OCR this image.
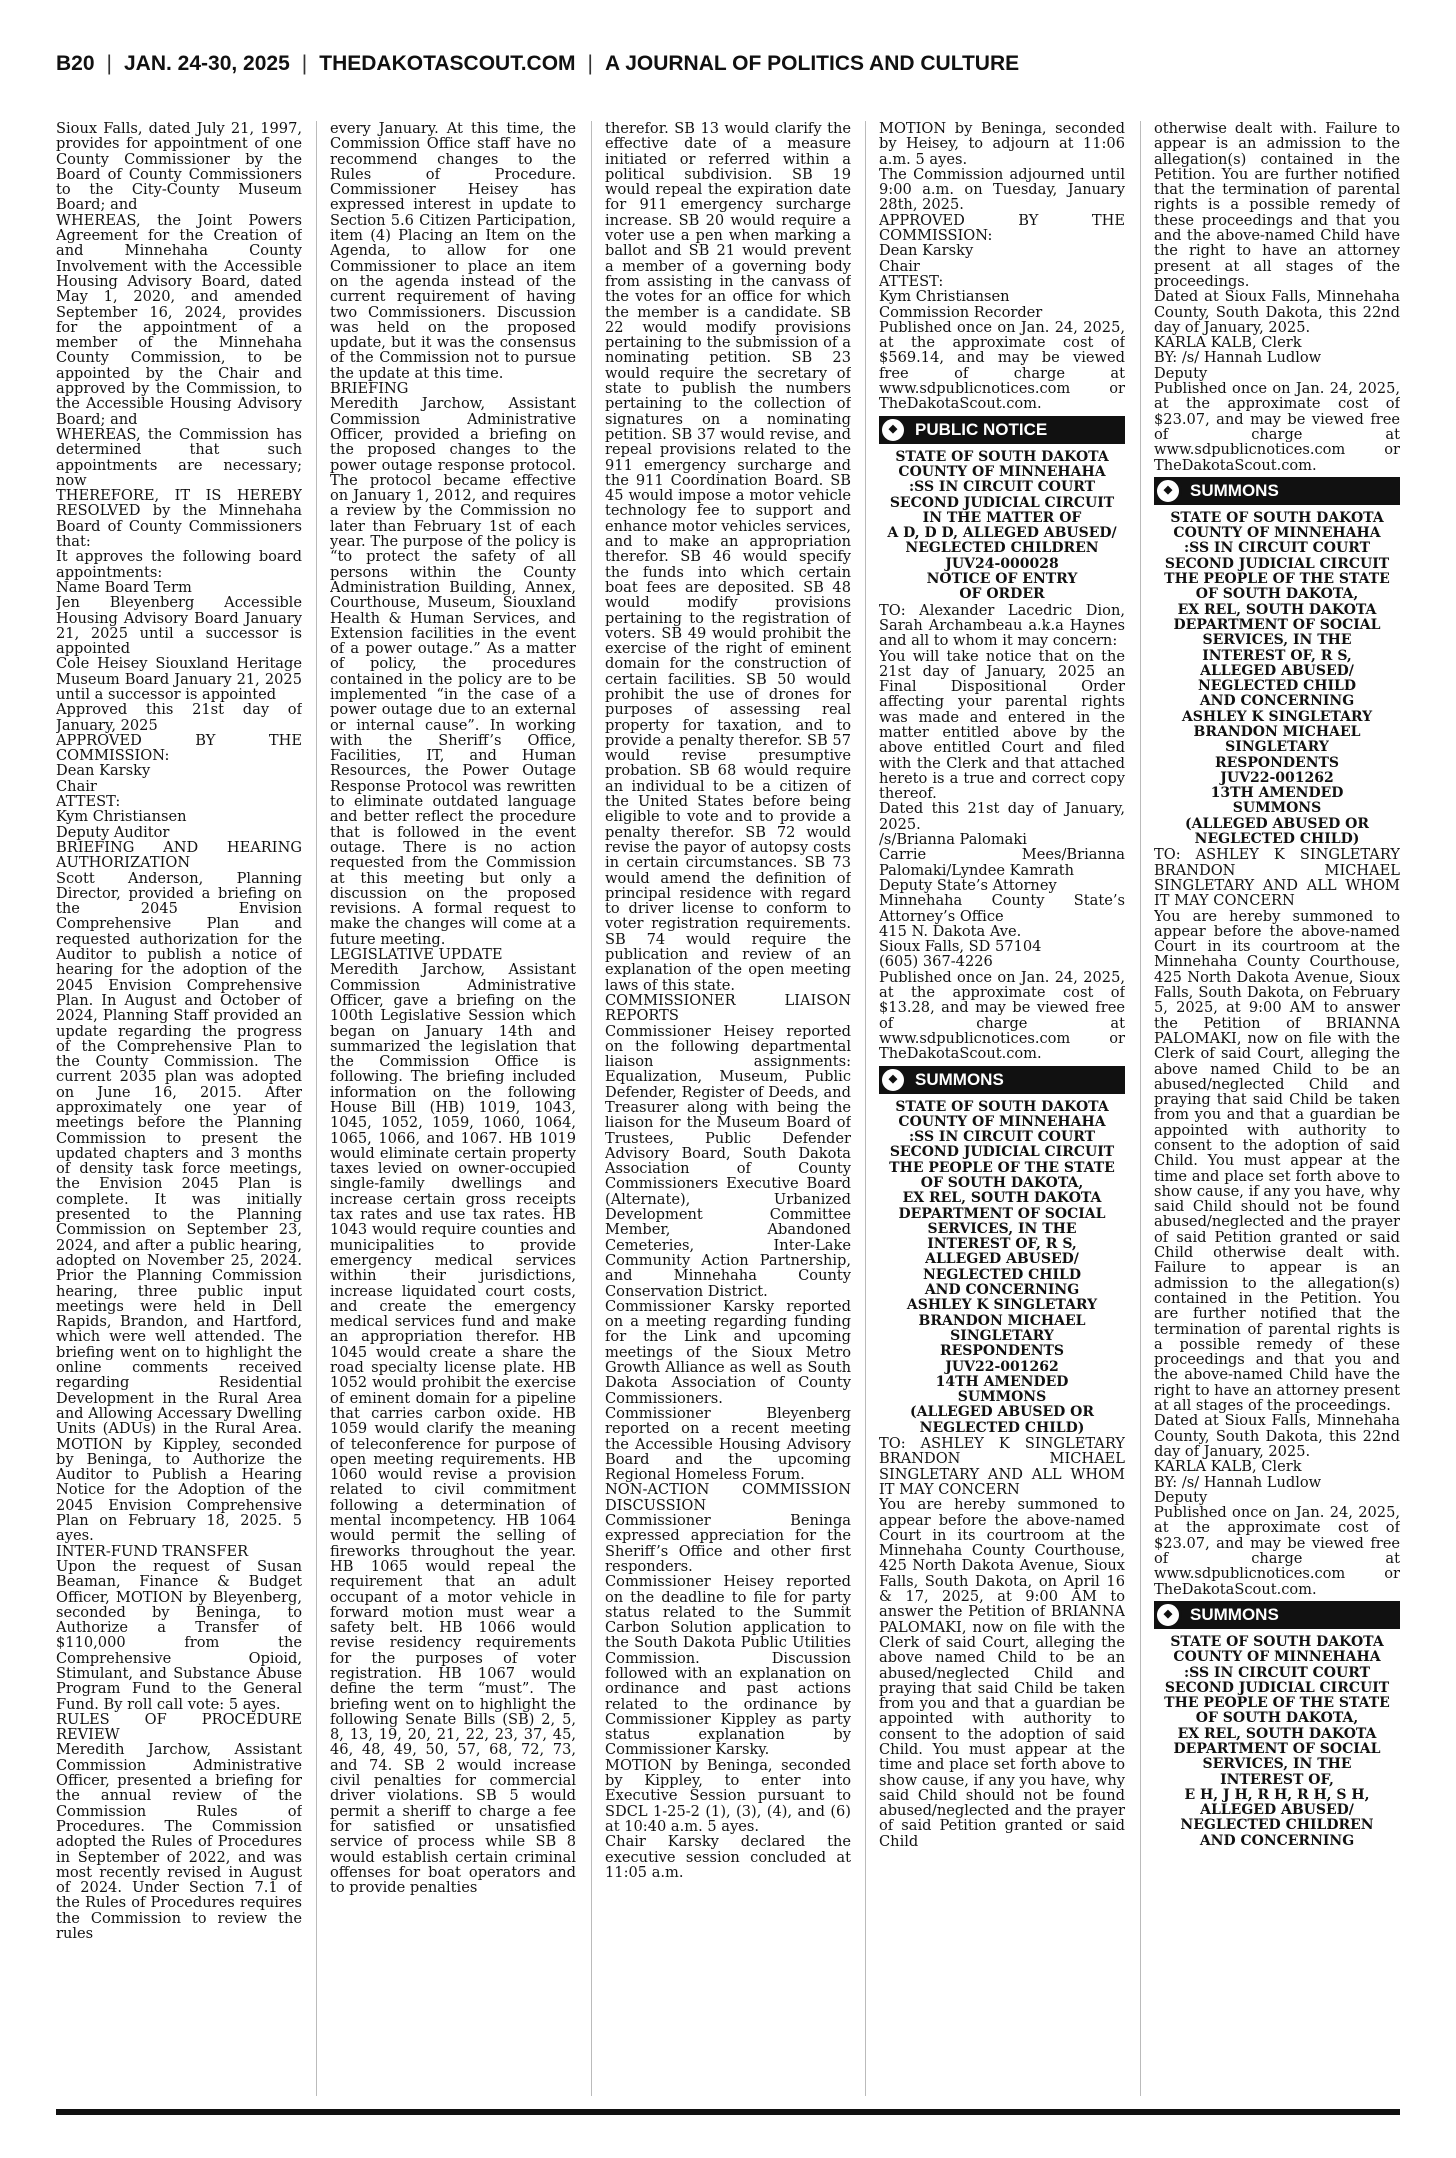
B20 | JAN. 24-30, 2025 | THEDAKOTASCOUT.COM | A JOURNAL OF POLITICS AND CULTURE

Sioux Falls, dated July 21, 1997, provides for appointment of one County Commissioner by the Board of County Commissioners to the City-County Museum Board; and

WHEREAS, the Joint Powers Agreement for the Creation of and Minnehaha County Involvement with the Accessible Housing Advisory Board, dated May 1, 2020, and amended September 16, 2024, provides for the appointment of a member of the Minnehaha County Commission, to be appointed by the Chair and approved by the Commission, to the Accessible Housing Advisory Board; and

WHEREAS, the Commission has determined that such appointments are necessary; now

THEREFORE, IT IS HEREBY RESOLVED by the Minnehaha Board of County Commissioners that:

It approves the following board appointments:

Name Board Term

Jen Bleyenberg Accessible Housing Advisory Board January 21, 2025 until a successor is appointed

Cole Heisey Siouxland Heritage Museum Board January 21, 2025 until a successor is appointed

Approved this 21st day of January, 2025

APPROVED BY THE COMMISSION:

Dean Karsky

Chair

ATTEST:

Kym Christiansen

Deputy Auditor

BRIEFING AND HEARING AUTHORIZATION

Scott Anderson, Planning Director, provided a briefing on the 2045 Envision Comprehensive Plan and requested authorization for the Auditor to publish a notice of hearing for the adoption of the 2045 Envision Comprehensive Plan. In August and October of 2024, Planning Staff provided an update regarding the progress of the Comprehensive Plan to the County Commission. The current 2035 plan was adopted on June 16, 2015. After approximately one year of meetings before the Planning Commission to present the updated chapters and 3 months of density task force meetings, the Envision 2045 Plan is complete. It was initially presented to the Planning Commission on September 23, 2024, and after a public hearing, adopted on November 25, 2024. Prior the Planning Commission hearing, three public input meetings were held in Dell Rapids, Brandon, and Hartford, which were well attended. The briefing went on to highlight the online comments received regarding Residential Development in the Rural Area and Allowing Accessary Dwelling Units (ADUs) in the Rural Area. MOTION by Kippley, seconded by Beninga, to Authorize the Auditor to Publish a Hearing Notice for the Adoption of the 2045 Envision Comprehensive Plan on February 18, 2025. 5 ayes.

INTER-FUND TRANSFER

Upon the request of Susan Beaman, Finance & Budget Officer, MOTION by Bleyenberg, seconded by Beninga, to Authorize a Transfer of $110,000 from the Comprehensive Opioid, Stimulant, and Substance Abuse Program Fund to the General Fund. By roll call vote: 5 ayes.

RULES OF PROCEDURE REVIEW

Meredith Jarchow, Assistant Commission Administrative Officer, presented a briefing for the annual review of the Commission Rules of Procedures. The Commission adopted the Rules of Procedures in September of 2022, and was most recently revised in August of 2024. Under Section 7.1 of the Rules of Procedures requires the Commission to review the rules

every January. At this time, the Commission Office staff have no recommend changes to the Rules of Procedure. Commissioner Heisey has expressed interest in update to Section 5.6 Citizen Participation, item (4) Placing an Item on the Agenda, to allow for one Commissioner to place an item on the agenda instead of the current requirement of having two Commissioners. Discussion was held on the proposed update, but it was the consensus of the Commission not to pursue the update at this time.

BRIEFING

Meredith Jarchow, Assistant Commission Administrative Officer, provided a briefing on the proposed changes to the power outage response protocol. The protocol became effective on January 1, 2012, and requires a review by the Commission no later than February 1st of each year. The purpose of the policy is “to protect the safety of all persons within the County Administration Building, Annex, Courthouse, Museum, Siouxland Health & Human Services, and Extension facilities in the event of a power outage.” As a matter of policy, the procedures contained in the policy are to be implemented “in the case of a power outage due to an external or internal cause”. In working with the Sheriff’s Office, Facilities, IT, and Human Resources, the Power Outage Response Protocol was rewritten to eliminate outdated language and better reflect the procedure that is followed in the event outage. There is no action requested from the Commission at this meeting but only a discussion on the proposed revisions. A formal request to make the changes will come at a future meeting.

LEGISLATIVE UPDATE

Meredith Jarchow, Assistant Commission Administrative Officer, gave a briefing on the 100th Legislative Session which began on January 14th and summarized the legislation that the Commission Office is following. The briefing included information on the following House Bill (HB) 1019, 1043, 1045, 1052, 1059, 1060, 1064, 1065, 1066, and 1067. HB 1019 would eliminate certain property taxes levied on owner-occupied single-family dwellings and increase certain gross receipts tax rates and use tax rates. HB 1043 would require counties and municipalities to provide emergency medical services within their jurisdictions, increase liquidated court costs, and create the emergency medical services fund and make an appropriation therefor. HB 1045 would create a share the road specialty license plate. HB 1052 would prohibit the exercise of eminent domain for a pipeline that carries carbon oxide. HB 1059 would clarify the meaning of teleconference for purpose of open meeting requirements. HB 1060 would revise a provision related to civil commitment following a determination of mental incompetency. HB 1064 would permit the selling of fireworks throughout the year. HB 1065 would repeal the requirement that an adult occupant of a motor vehicle in forward motion must wear a safety belt. HB 1066 would revise residency requirements for the purposes of voter registration. HB 1067 would define the term “must”. The briefing went on to highlight the following Senate Bills (SB) 2, 5, 8, 13, 19, 20, 21, 22, 23, 37, 45, 46, 48, 49, 50, 57, 68, 72, 73, and 74. SB 2 would increase civil penalties for commercial driver violations. SB 5 would permit a sheriff to charge a fee for satisfied or unsatisfied service of process while SB 8 would establish certain criminal offenses for boat operators and to provide penalties

therefor. SB 13 would clarify the effective date of a measure initiated or referred within a political subdivision. SB 19 would repeal the expiration date for 911 emergency surcharge increase. SB 20 would require a voter use a pen when marking a ballot and SB 21 would prevent a member of a governing body from assisting in the canvass of the votes for an office for which the member is a candidate. SB 22 would modify provisions pertaining to the submission of a nominating petition. SB 23 would require the secretary of state to publish the numbers pertaining to the collection of signatures on a nominating petition. SB 37 would revise, and repeal provisions related to the 911 emergency surcharge and the 911 Coordination Board. SB 45 would impose a motor vehicle technology fee to support and enhance motor vehicles services, and to make an appropriation therefor. SB 46 would specify the funds into which certain boat fees are deposited. SB 48 would modify provisions pertaining to the registration of voters. SB 49 would prohibit the exercise of the right of eminent domain for the construction of certain facilities. SB 50 would prohibit the use of drones for purposes of assessing real property for taxation, and to provide a penalty therefor. SB 57 would revise presumptive probation. SB 68 would require an individual to be a citizen of the United States before being eligible to vote and to provide a penalty therefor. SB 72 would revise the payor of autopsy costs in certain circumstances. SB 73 would amend the definition of principal residence with regard to driver license to conform to voter registration requirements. SB 74 would require the publication and review of an explanation of the open meeting laws of this state.

COMMISSIONER LIAISON REPORTS

Commissioner Heisey reported on the following departmental liaison assignments: Equalization, Museum, Public Defender, Register of Deeds, and Treasurer along with being the liaison for the Museum Board of Trustees, Public Defender Advisory Board, South Dakota Association of County Commissioners Executive Board (Alternate), Urbanized Development Committee Member, Abandoned Cemeteries, Inter-Lake Community Action Partnership, and Minnehaha County Conservation District.

Commissioner Karsky reported on a meeting regarding funding for the Link and upcoming meetings of the Sioux Metro Growth Alliance as well as South Dakota Association of County Commissioners.

Commissioner Bleyenberg reported on a recent meeting the Accessible Housing Advisory Board and the upcoming Regional Homeless Forum.

NON-ACTION COMMISSION DISCUSSION

Commissioner Beninga expressed appreciation for the Sheriff’s Office and other first responders.

Commissioner Heisey reported on the deadline to file for party status related to the Summit Carbon Solution application to the South Dakota Public Utilities Commission. Discussion followed with an explanation on ordinance and past actions related to the ordinance by Commissioner Kippley as party status explanation by Commissioner Karsky.

MOTION by Beninga, seconded by Kippley, to enter into Executive Session pursuant to SDCL 1-25-2 (1), (3), (4), and (6) at 10:40 a.m. 5 ayes.

Chair Karsky declared the executive session concluded at 11:05 a.m.

MOTION by Beninga, seconded by Heisey, to adjourn at 11:06 a.m. 5 ayes.

The Commission adjourned until 9:00 a.m. on Tuesday, January 28th, 2025.

APPROVED BY THE COMMISSION:

Dean Karsky

Chair

ATTEST:

Kym Christiansen

Commission Recorder

Published once on Jan. 24, 2025, at the approximate cost of $569.14, and may be viewed free of charge at www.sdpublicnotices.com or TheDakotaScout.com.

◆	PUBLIC NOTICE

STATE OF SOUTH DAKOTA

COUNTY OF MINNEHAHA

:SS IN CIRCUIT COURT

SECOND JUDICIAL CIRCUIT

IN THE MATTER OF

A D, D D, ALLEGED ABUSED/

NEGLECTED CHILDREN

JUV24-000028

NOTICE OF ENTRY

OF ORDER

TO: Alexander Lacedric Dion, Sarah Archambeau a.k.a Haynes and all to whom it may concern:

You will take notice that on the 21st day of January, 2025 an Final Dispositional Order affecting your parental rights was made and entered in the matter entitled above by the above entitled Court and filed with the Clerk and that attached hereto is a true and correct copy thereof.

Dated this 21st day of January, 2025.

/s/Brianna Palomaki

Carrie Mees/Brianna Palomaki/Lyndee Kamrath

Deputy State’s Attorney

Minnehaha County State’s Attorney’s Office

415 N. Dakota Ave.

Sioux Falls, SD 57104

(605) 367-4226

Published once on Jan. 24, 2025, at the approximate cost of $13.28, and may be viewed free of charge at www.sdpublicnotices.com or TheDakotaScout.com.

◆	SUMMONS

STATE OF SOUTH DAKOTA

COUNTY OF MINNEHAHA

:SS IN CIRCUIT COURT

SECOND JUDICIAL CIRCUIT

THE PEOPLE OF THE STATE

OF SOUTH DAKOTA,

EX REL, SOUTH DAKOTA

DEPARTMENT OF SOCIAL

SERVICES, IN THE

INTEREST OF, R S,

ALLEGED ABUSED/

NEGLECTED CHILD

AND CONCERNING

ASHLEY K SINGLETARY

BRANDON MICHAEL

SINGLETARY

RESPONDENTS

JUV22-001262

14TH AMENDED

SUMMONS

(ALLEGED ABUSED OR NEGLECTED CHILD)

TO: ASHLEY K SINGLETARY BRANDON MICHAEL SINGLETARY AND ALL WHOM IT MAY CONCERN

You are hereby summoned to appear before the above-named Court in its courtroom at the Minnehaha County Courthouse, 425 North Dakota Avenue, Sioux Falls, South Dakota, on April 16 & 17, 2025, at 9:00 AM to answer the Petition of BRIANNA PALOMAKI, now on file with the Clerk of said Court, alleging the above named Child to be an abused/neglected Child and praying that said Child be taken from you and that a guardian be appointed with authority to consent to the adoption of said Child. You must appear at the time and place set forth above to show cause, if any you have, why said Child should not be found abused/neglected and the prayer of said Petition granted or said Child

otherwise dealt with. Failure to appear is an admission to the allegation(s) contained in the Petition. You are further notified that the termination of parental rights is a possible remedy of these proceedings and that you and the above-named Child have the right to have an attorney present at all stages of the proceedings.

Dated at Sioux Falls, Minnehaha County, South Dakota, this 22nd day of January, 2025.

KARLA KALB, Clerk

BY: /s/ Hannah Ludlow

Deputy

Published once on Jan. 24, 2025, at the approximate cost of $23.07, and may be viewed free of charge at www.sdpublicnotices.com or TheDakotaScout.com.

◆	SUMMONS

STATE OF SOUTH DAKOTA

COUNTY OF MINNEHAHA

:SS IN CIRCUIT COURT

SECOND JUDICIAL CIRCUIT

THE PEOPLE OF THE STATE

OF SOUTH DAKOTA,

EX REL, SOUTH DAKOTA

DEPARTMENT OF SOCIAL

SERVICES, IN THE

INTEREST OF, R S,

ALLEGED ABUSED/

NEGLECTED CHILD

AND CONCERNING

ASHLEY K SINGLETARY

BRANDON MICHAEL

SINGLETARY

RESPONDENTS

JUV22-001262

13TH AMENDED

SUMMONS

(ALLEGED ABUSED OR NEGLECTED CHILD)

TO: ASHLEY K SINGLETARY BRANDON MICHAEL SINGLETARY AND ALL WHOM IT MAY CONCERN

You are hereby summoned to appear before the above-named Court in its courtroom at the Minnehaha County Courthouse, 425 North Dakota Avenue, Sioux Falls, South Dakota, on February 5, 2025, at 9:00 AM to answer the Petition of BRIANNA PALOMAKI, now on file with the Clerk of said Court, alleging the above named Child to be an abused/neglected Child and praying that said Child be taken from you and that a guardian be appointed with authority to consent to the adoption of said Child. You must appear at the time and place set forth above to show cause, if any you have, why said Child should not be found abused/neglected and the prayer of said Petition granted or said Child otherwise dealt with. Failure to appear is an admission to the allegation(s) contained in the Petition. You are further notified that the termination of parental rights is a possible remedy of these proceedings and that you and the above-named Child have the right to have an attorney present at all stages of the proceedings.

Dated at Sioux Falls, Minnehaha County, South Dakota, this 22nd day of January, 2025.

KARLA KALB, Clerk

BY: /s/ Hannah Ludlow

Deputy

Published once on Jan. 24, 2025, at the approximate cost of $23.07, and may be viewed free of charge at www.sdpublicnotices.com or TheDakotaScout.com.

◆	SUMMONS

STATE OF SOUTH DAKOTA

COUNTY OF MINNEHAHA

:SS IN CIRCUIT COURT

SECOND JUDICIAL CIRCUIT

THE PEOPLE OF THE STATE

OF SOUTH DAKOTA,

EX REL, SOUTH DAKOTA

DEPARTMENT OF SOCIAL

SERVICES, IN THE

INTEREST OF,

E H, J H, R H, R H, S H,

ALLEGED ABUSED/

NEGLECTED CHILDREN

AND CONCERNING
